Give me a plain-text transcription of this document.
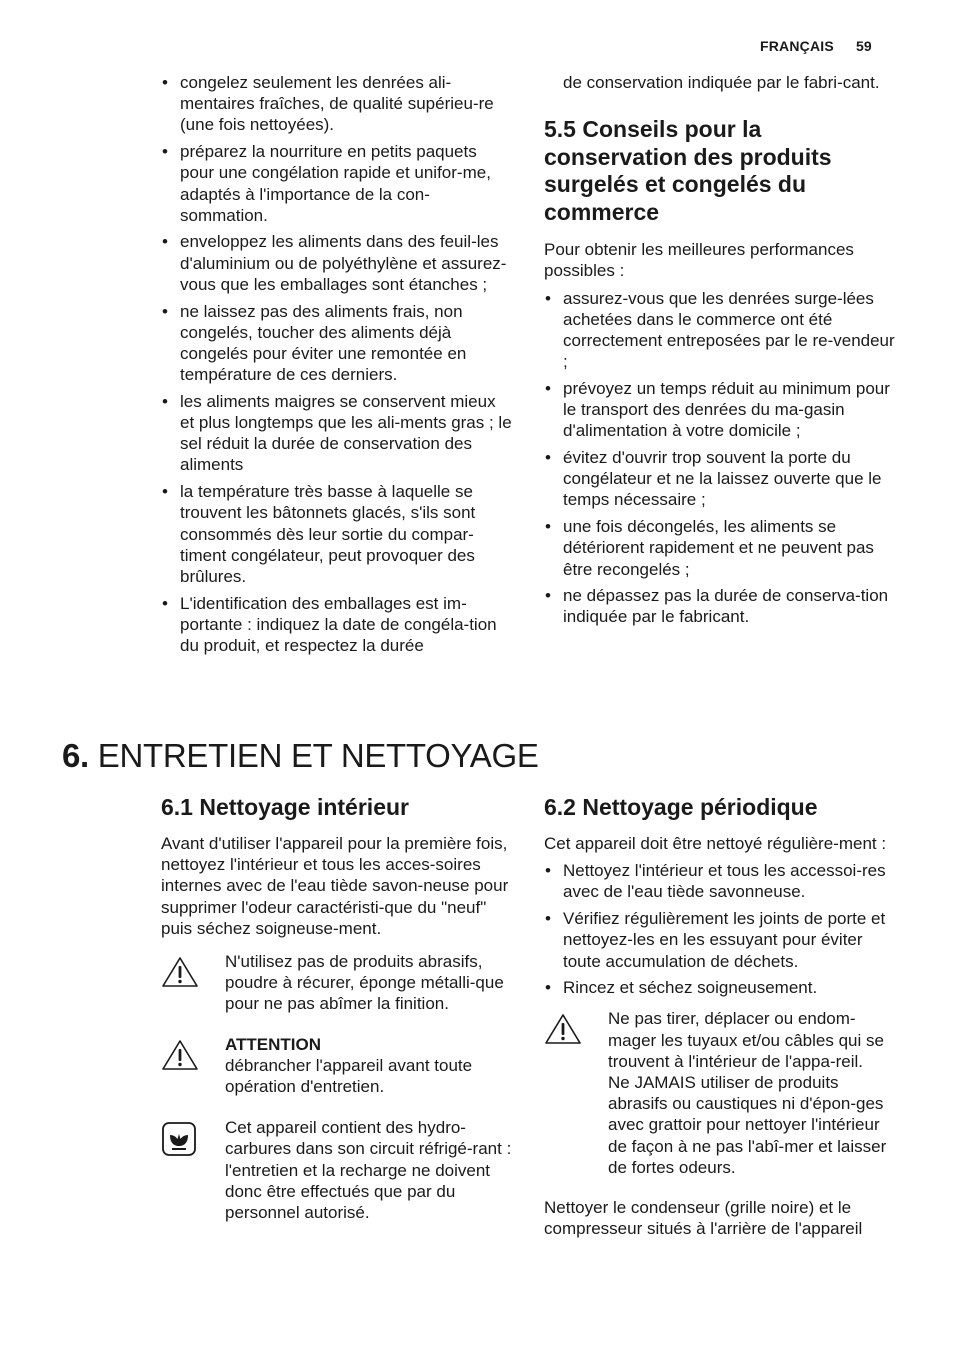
FRANÇAIS 59
• congelez seulement les denrées ali-mentaires fraîches, de qualité supérieu-re (une fois nettoyées).
• préparez la nourriture en petits paquets pour une congélation rapide et unifor-me, adaptés à l'importance de la con-sommation.
• enveloppez les aliments dans des feuil-les d'aluminium ou de polyéthylène et assurez-vous que les emballages sont étanches ;
• ne laissez pas des aliments frais, non congelés, toucher des aliments déjà congelés pour éviter une remontée en température de ces derniers.
• les aliments maigres se conservent mieux et plus longtemps que les ali-ments gras ; le sel réduit la durée de conservation des aliments
• la température très basse à laquelle se trouvent les bâtonnets glacés, s'ils sont consommés dès leur sortie du compar-timent congélateur, peut provoquer des brûlures.
• L'identification des emballages est im-portante : indiquez la date de congéla-tion du produit, et respectez la durée

de conservation indiquée par le fabri-cant.

5.5 Conseils pour la conservation des produits surgelés et congelés du commerce

Pour obtenir les meilleures performances possibles :

• assurez-vous que les denrées surge-lées achetées dans le commerce ont été correctement entreposées par le re-vendeur ;
• prévoyez un temps réduit au minimum pour le transport des denrées du ma-gasin d'alimentation à votre domicile ;
• évitez d'ouvrir trop souvent la porte du congélateur et ne la laissez ouverte que le temps nécessaire ;
• une fois décongelés, les aliments se détériorent rapidement et ne peuvent pas être recongelés ;
• ne dépassez pas la durée de conserva-tion indiquée par le fabricant.
6. ENTRETIEN ET NETTOYAGE
6.1 Nettoyage intérieur

Avant d'utiliser l'appareil pour la première fois, nettoyez l'intérieur et tous les acces-soires internes avec de l'eau tiède savon-neuse pour supprimer l'odeur caractéristi-que du "neuf" puis séchez soigneuse-ment.

N'utilisez pas de produits abrasifs, poudre à récurer, éponge métalli-que pour ne pas abîmer la finition.

ATTENTION

débrancher l'appareil avant toute opération d'entretien.

Cet appareil contient des hydro-carbures dans son circuit réfrigé-rant : l'entretien et la recharge ne doivent donc être effectués que par du personnel autorisé.

6.2 Nettoyage périodique

Cet appareil doit être nettoyé régulière-ment :

• Nettoyez l'intérieur et tous les accessoi-res avec de l'eau tiède savonneuse.
• Vérifiez régulièrement les joints de porte et nettoyez-les en les essuyant pour éviter toute accumulation de déchets.
• Rincez et séchez soigneusement.

Ne pas tirer, déplacer ou endom-mager les tuyaux et/ou câbles qui se trouvent à l'intérieur de l'appa-reil.

Ne JAMAIS utiliser de produits abrasifs ou caustiques ni d'épon-ges avec grattoir pour nettoyer l'intérieur de façon à ne pas l'abî-mer et laisser de fortes odeurs.

Nettoyer le condenseur (grille noire) et le compresseur situés à l'arrière de l'appareil
